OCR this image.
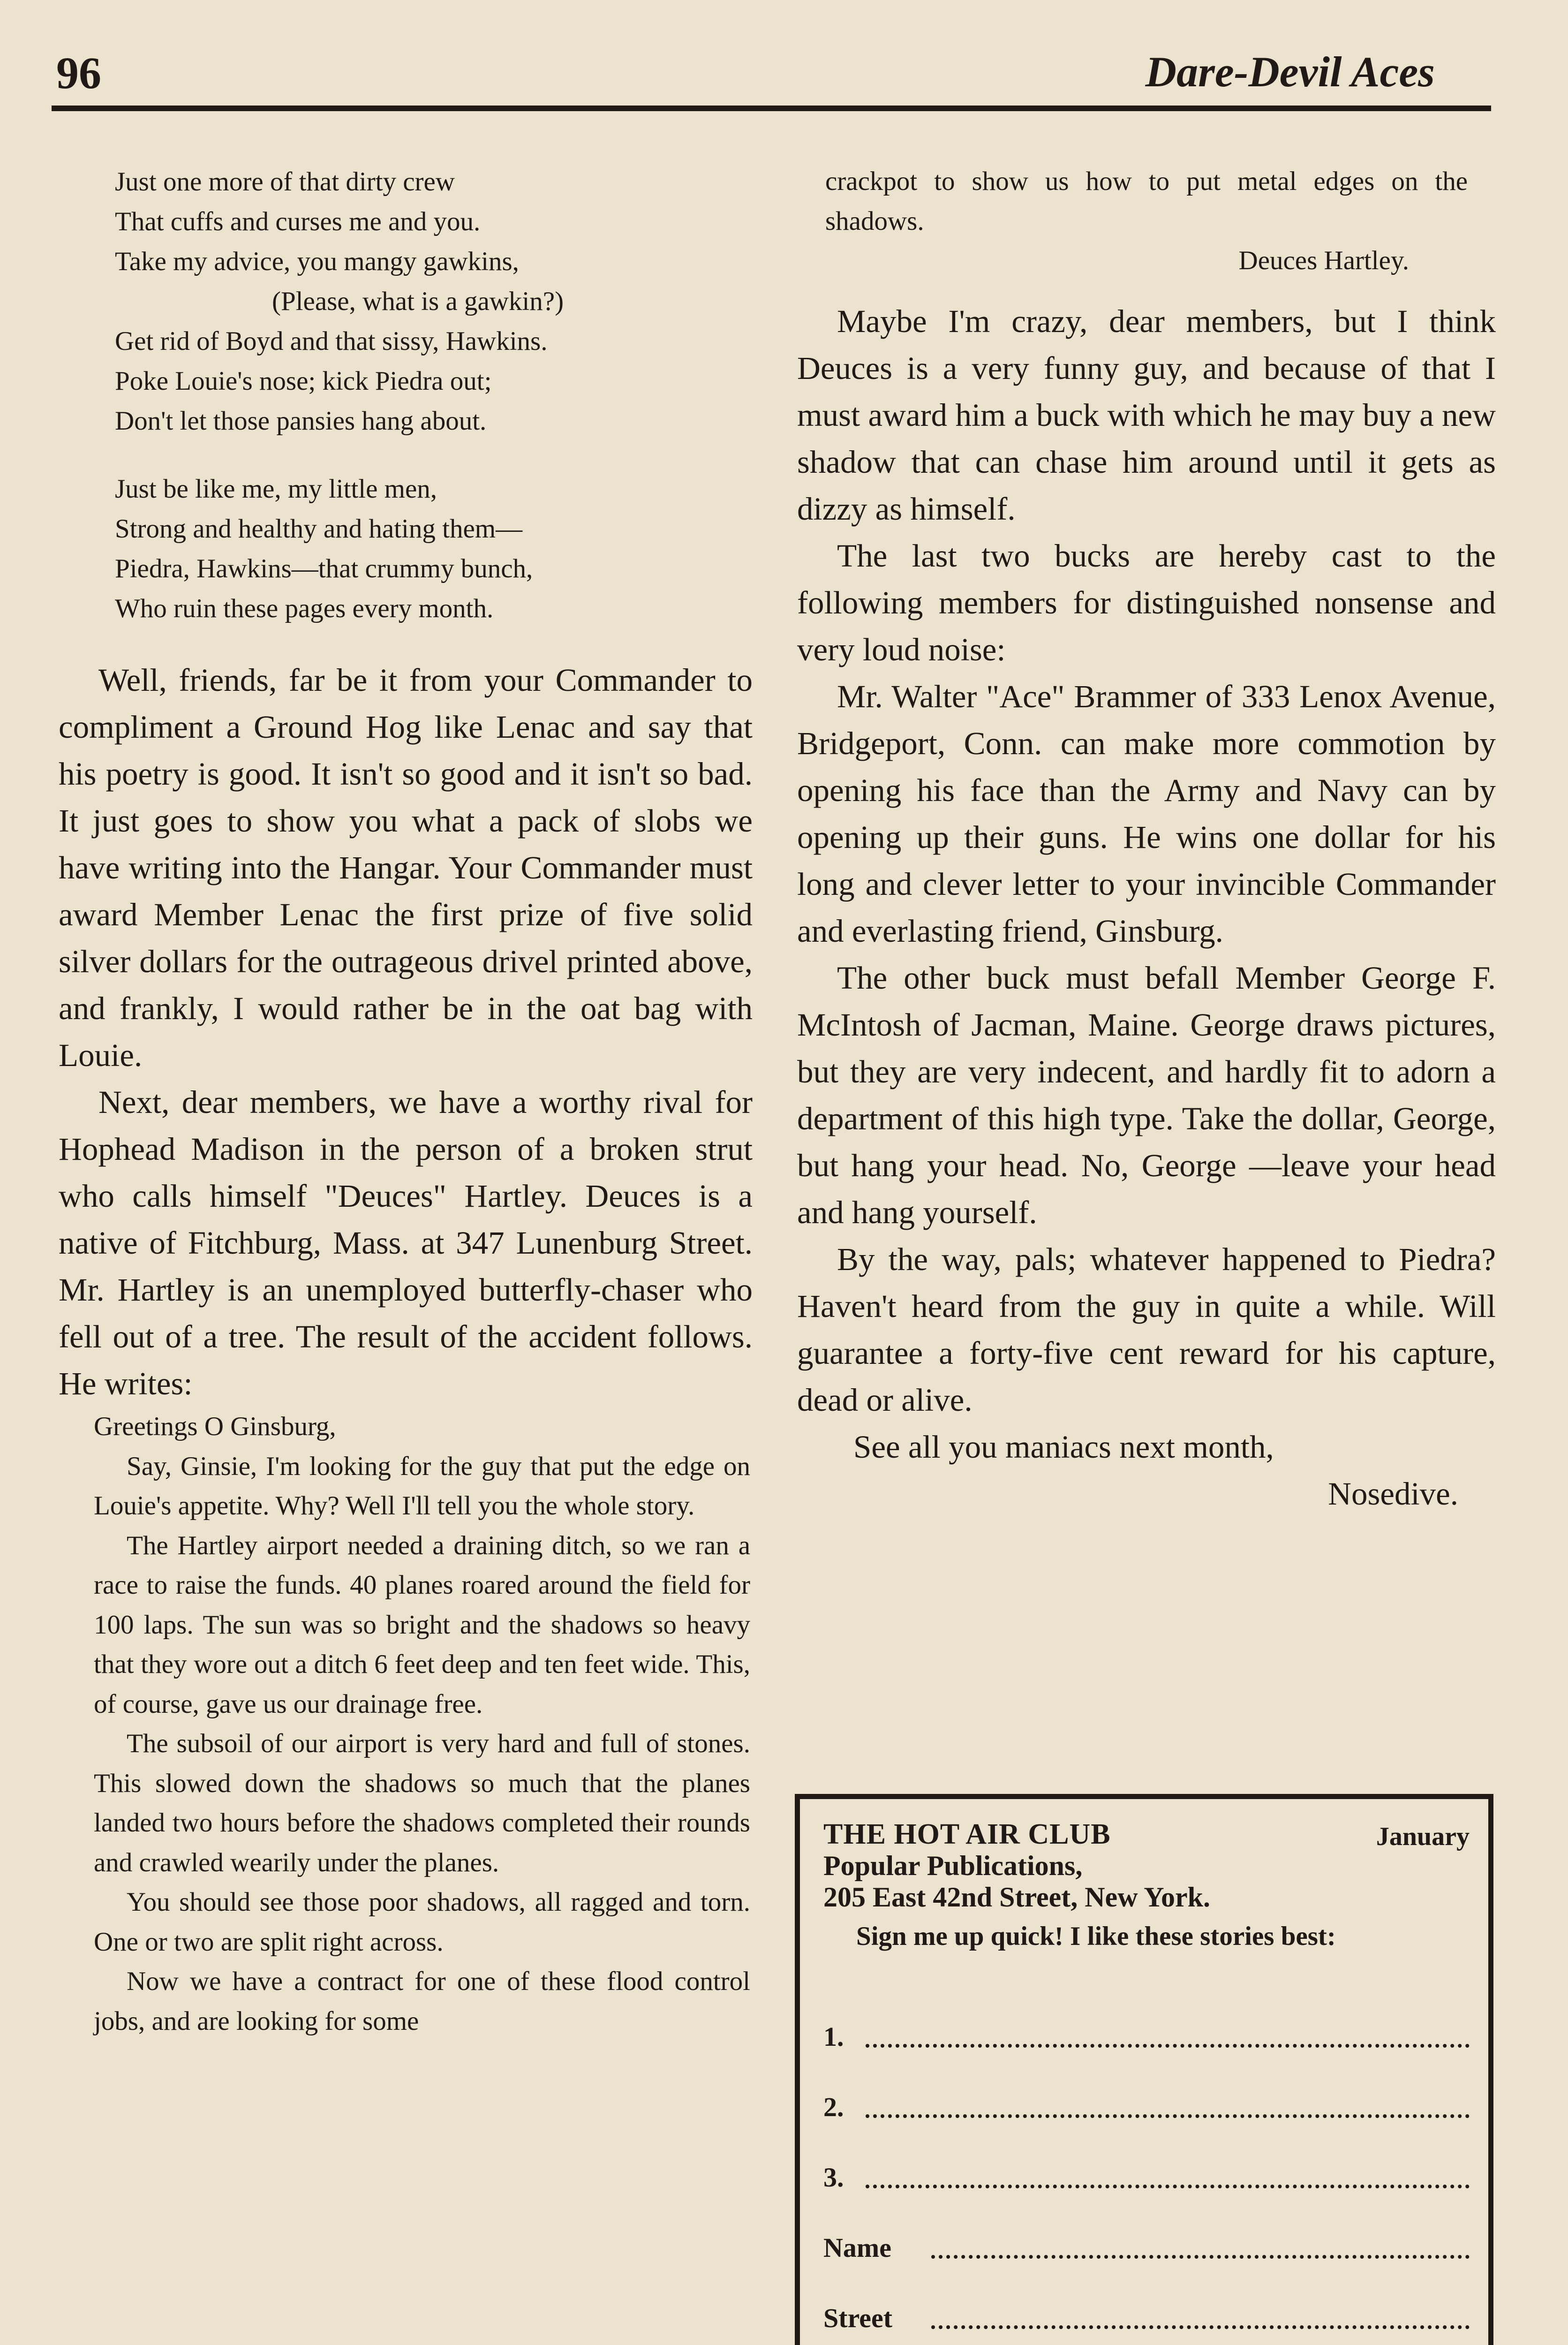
96	Dare-Devil Aces
Just one more of that dirty crew
That cuffs and curses me and you.
Take my advice, you mangy gawkins,
(Please, what is a gawkin?)
Get rid of Boyd and that sissy, Hawkins.
Poke Louie's nose; kick Piedra out;
Don't let those pansies hang about.
Just be like me, my little men,
Strong and healthy and hating them—
Piedra, Hawkins—that crummy bunch,
Who ruin these pages every month.

Well, friends, far be it from your Commander to compliment a Ground Hog like Lenac and say that his poetry is good. It isn't so good and it isn't so bad. It just goes to show you what a pack of slobs we have writing into the Hangar. Your Commander must award Member Lenac the first prize of five solid silver dollars for the outrageous drivel printed above, and frankly, I would rather be in the oat bag with Louie.

Next, dear members, we have a worthy rival for Hophead Madison in the person of a broken strut who calls himself "Deuces" Hartley. Deuces is a native of Fitchburg, Mass. at 347 Lunenburg Street. Mr. Hartley is an unemployed butterfly-chaser who fell out of a tree. The result of the accident follows. He writes:

Greetings O Ginsburg,

Say, Ginsie, I'm looking for the guy that put the edge on Louie's appetite. Why? Well I'll tell you the whole story.

The Hartley airport needed a draining ditch, so we ran a race to raise the funds. 40 planes roared around the field for 100 laps. The sun was so bright and the shadows so heavy that they wore out a ditch 6 feet deep and ten feet wide. This, of course, gave us our drainage free.

The subsoil of our airport is very hard and full of stones. This slowed down the shadows so much that the planes landed two hours before the shadows completed their rounds and crawled wearily under the planes.

You should see those poor shadows, all ragged and torn. One or two are split right across.

Now we have a contract for one of these flood control jobs, and are looking for some

crackpot to show us how to put metal edges on the shadows.

Deuces Hartley.

Maybe I'm crazy, dear members, but I think Deuces is a very funny guy, and because of that I must award him a buck with which he may buy a new shadow that can chase him around until it gets as dizzy as himself.

The last two bucks are hereby cast to the following members for distinguished nonsense and very loud noise:

Mr. Walter "Ace" Brammer of 333 Lenox Avenue, Bridgeport, Conn. can make more commotion by opening his face than the Army and Navy can by opening up their guns. He wins one dollar for his long and clever letter to your invincible Commander and everlasting friend, Ginsburg.

The other buck must befall Member George F. McIntosh of Jacman, Maine. George draws pictures, but they are very indecent, and hardly fit to adorn a department of this high type. Take the dollar, George, but hang your head. No, George —leave your head and hang yourself.

By the way, pals; whatever happened to Piedra? Haven't heard from the guy in quite a while. Will guarantee a forty-five cent reward for his capture, dead or alive.

See all you maniacs next month,
Nosedive.

THE HOT AIR CLUB	January
Popular Publications,
205 East 42nd Street, New York.
Sign me up quick! I like these stories best:
1.
2.
3.
Name
Street
